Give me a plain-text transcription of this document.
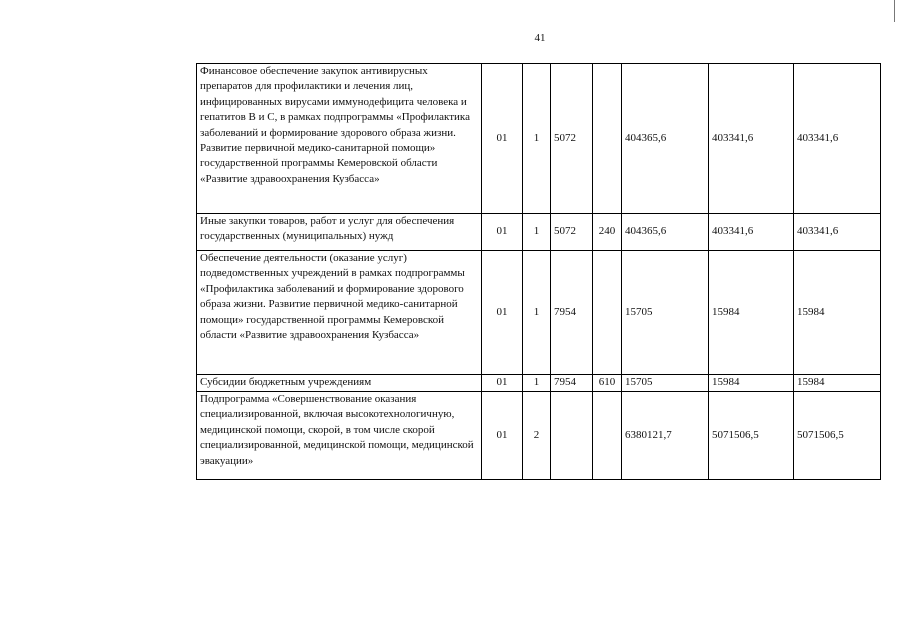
41
Финансовое обеспечение закупок антивирусных препаратов для профилактики и лечения лиц, инфицированных вирусами иммунодефицита человека и гепатитов В и С, в рамках подпрограммы «Профилактика заболеваний и формирование здорового образа жизни. Развитие первичной медико-санитарной помощи» государственной программы Кемеровской области «Развитие здравоохранения Кузбасса»	01	1	5072		404365,6	403341,6	403341,6
Иные закупки товаров, работ и услуг для обеспечения государственных (муниципальных) нужд	01	1	5072	240	404365,6	403341,6	403341,6
Обеспечение деятельности (оказание услуг) подведомственных учреждений в рамках подпрограммы «Профилактика заболеваний и формирование здорового образа жизни. Развитие первичной медико-санитарной помощи» государственной программы Кемеровской области «Развитие здравоохранения Кузбасса»	01	1	7954		15705	15984	15984
Субсидии бюджетным учреждениям	01	1	7954	610	15705	15984	15984
Подпрограмма «Совершенствование оказания специализированной, включая высокотехнологичную, медицинской помощи, скорой, в том числе скорой специализированной, медицинской помощи, медицинской эвакуации»	01	2			6380121,7	5071506,5	5071506,5
